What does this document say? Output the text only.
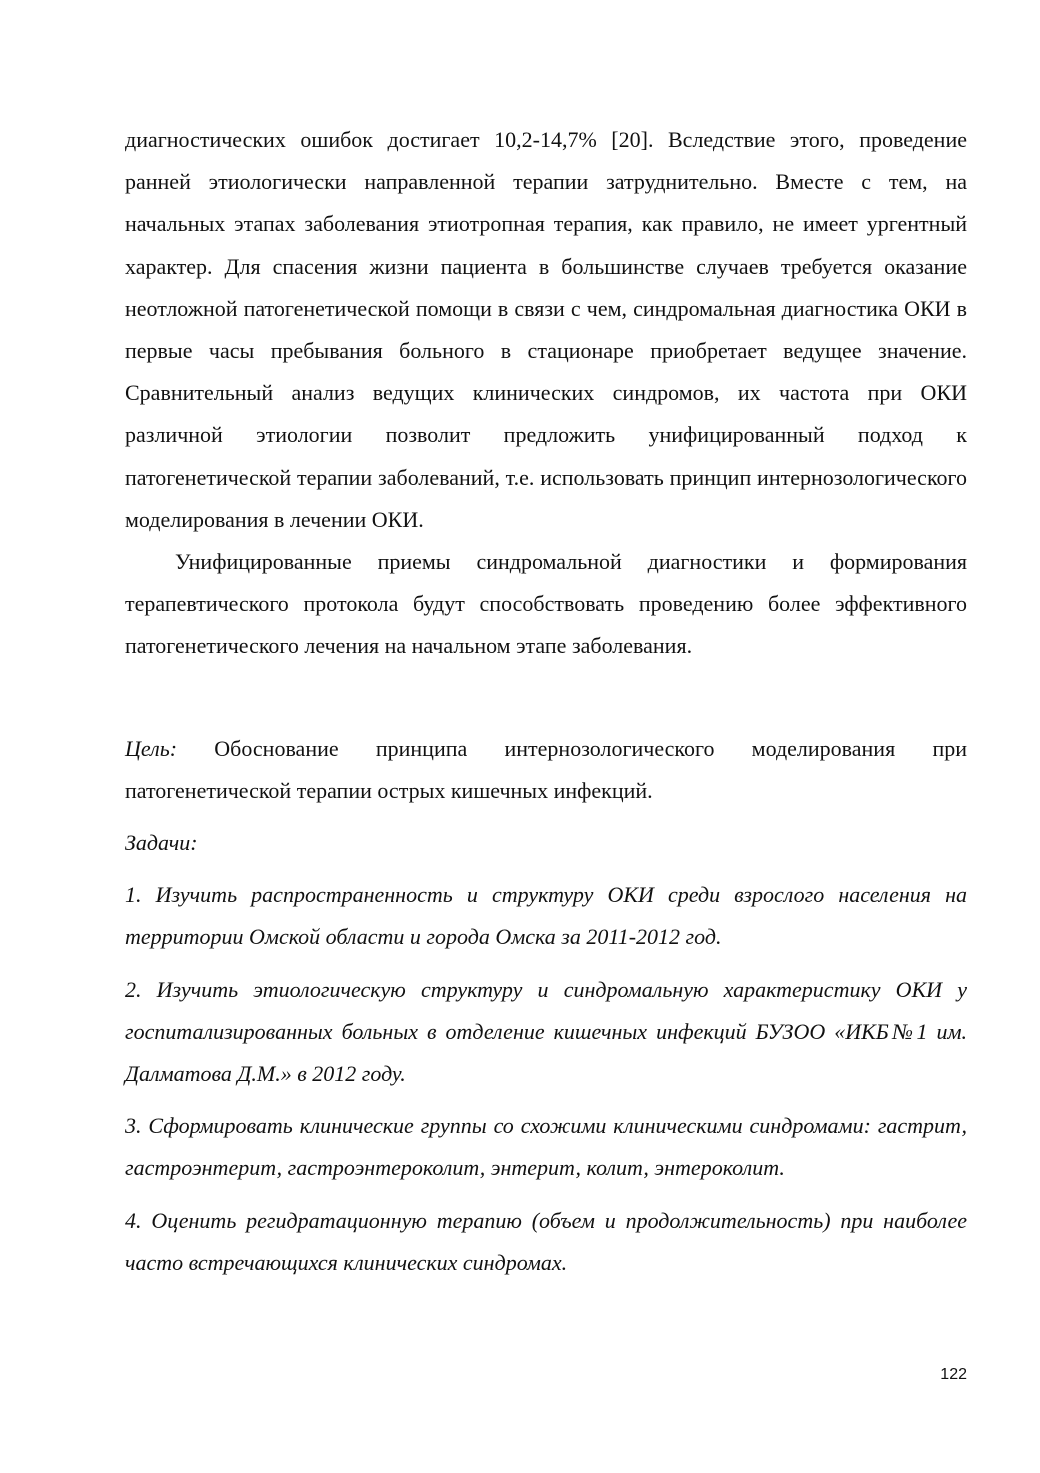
диагностических ошибок достигает 10,2-14,7% [20]. Вследствие этого, проведение ранней этиологически направленной терапии затруднительно. Вместе с тем, на начальных этапах заболевания этиотропная терапия, как правило, не имеет ургентный характер. Для спасения жизни пациента в большинстве случаев требуется оказание неотложной патогенетической помощи в связи с чем, синдромальная диагностика ОКИ в первые часы пребывания больного в стационаре приобретает ведущее значение. Сравнительный анализ ведущих клинических синдромов, их частота при ОКИ различной этиологии позволит предложить унифицированный подход к патогенетической терапии заболеваний, т.е. использовать принцип интернозологического моделирования в лечении ОКИ.

Унифицированные приемы синдромальной диагностики и формирования терапевтического протокола будут способствовать проведению более эффективного патогенетического лечения на начальном этапе заболевания.

Цель: Обоснование принципа интернозологического моделирования при патогенетической терапии острых кишечных инфекций.

Задачи:

1. Изучить распространенность и структуру ОКИ среди взрослого населения на территории Омской области и города Омска за 2011-2012 год.

2. Изучить этиологическую структуру и синдромальную характеристику ОКИ у госпитализированных больных в отделение кишечных инфекций БУЗОО «ИКБ№1 им. Далматова Д.М.» в 2012 году.

3. Сформировать клинические группы со схожими клиническими синдромами: гастрит, гастроэнтерит, гастроэнтероколит, энтерит, колит, энтероколит.

4. Оценить регидратационную терапию (объем и продолжительность) при наиболее часто встречающихся клинических синдромах.

122
